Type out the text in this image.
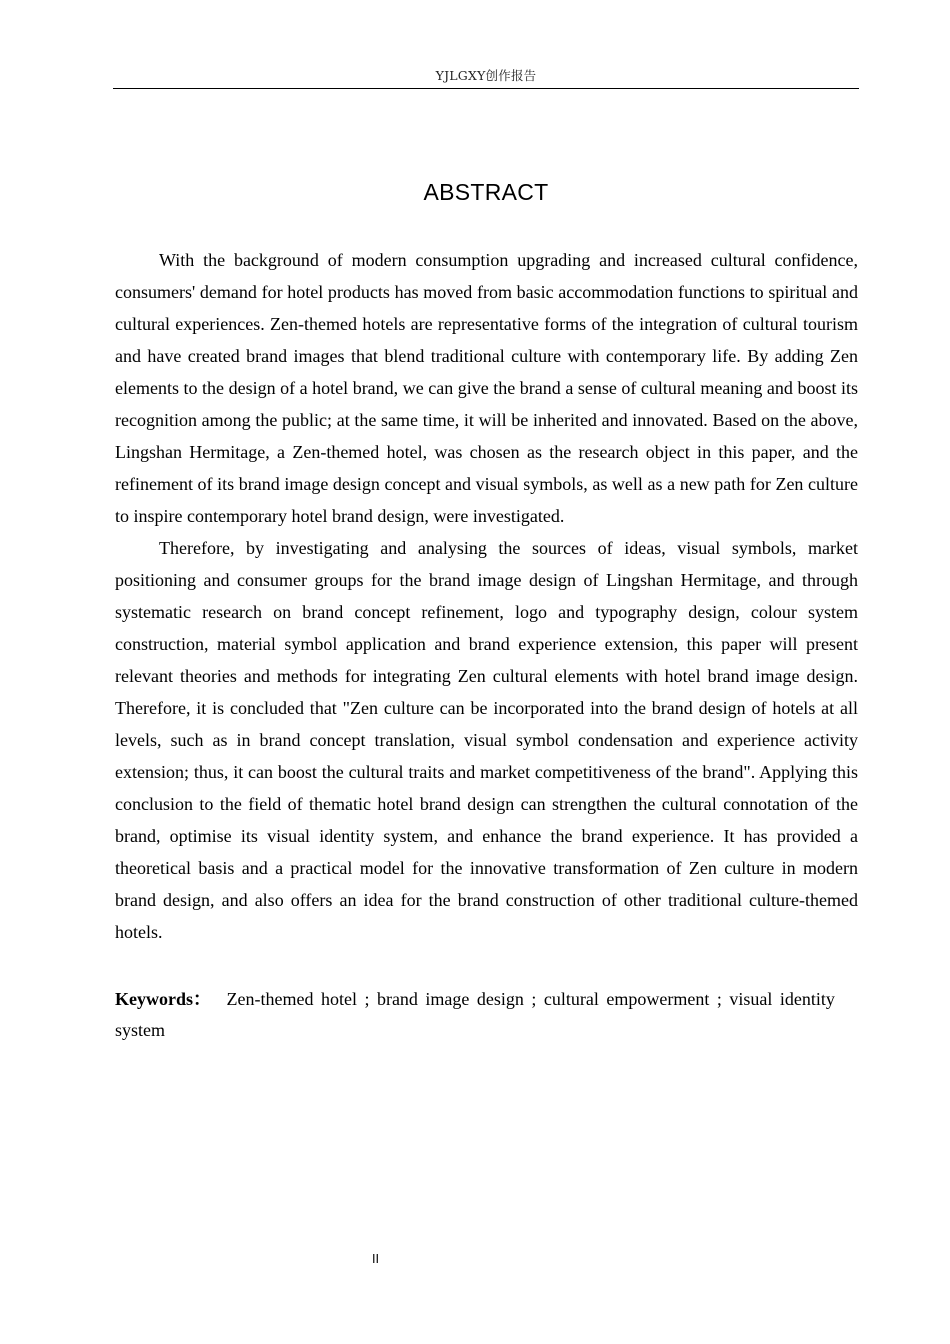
YJLGXY创作报告
ABSTRACT

With the background of modern consumption upgrading and increased cultural confidence, consumers' demand for hotel products has moved from basic accommodation functions to spiritual and cultural experiences. Zen-themed hotels are representative forms of the integration of cultural tourism and have created brand images that blend traditional culture with contemporary life. By adding Zen elements to the design of a hotel brand, we can give the brand a sense of cultural meaning and boost its recognition among the public; at the same time, it will be inherited and innovated. Based on the above, Lingshan Hermitage, a Zen-themed hotel, was chosen as the research object in this paper, and the refinement of its brand image design concept and visual symbols, as well as a new path for Zen culture to inspire contemporary hotel brand design, were investigated.

Therefore, by investigating and analysing the sources of ideas, visual symbols, market positioning and consumer groups for the brand image design of Lingshan Hermitage, and through systematic research on brand concept refinement, logo and typography design, colour system construction, material symbol application and brand experience extension, this paper will present relevant theories and methods for integrating Zen cultural elements with hotel brand image design. Therefore, it is concluded that "Zen culture can be incorporated into the brand design of hotels at all levels, such as in brand concept translation, visual symbol condensation and experience activity extension; thus, it can boost the cultural traits and market competitiveness of the brand". Applying this conclusion to the field of thematic hotel brand design can strengthen the cultural connotation of the brand, optimise its visual identity system, and enhance the brand experience. It has provided a theoretical basis and a practical model for the innovative transformation of Zen culture in modern brand design, and also offers an idea for the brand construction of other traditional culture-themed hotels.

Keywords： Zen-themed hotel ; brand image design ; cultural empowerment ; visual identity system
II
